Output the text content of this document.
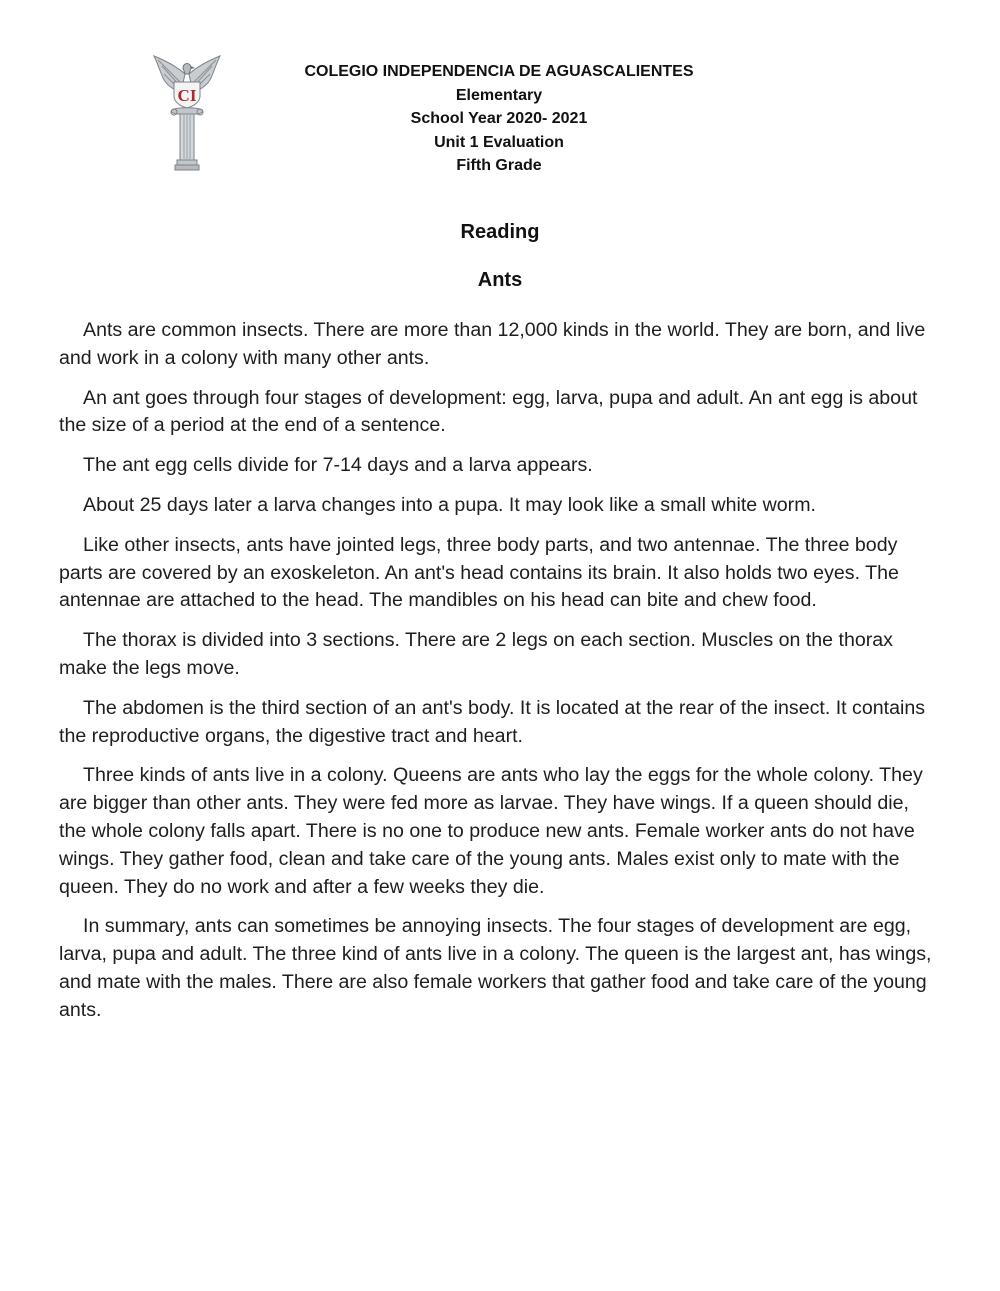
CI
COLEGIO INDEPENDENCIA DE AGUASCALIENTES
Elementary
School Year 2020- 2021
Unit 1 Evaluation
Fifth Grade
Reading
Ants

Ants are common insects. There are more than 12,000 kinds in the world. They are born, and live and work in a colony with many other ants.

An ant goes through four stages of development: egg, larva, pupa and adult. An ant egg is about the size of a period at the end of a sentence.

The ant egg cells divide for 7-14 days and a larva appears.

About 25 days later a larva changes into a pupa. It may look like a small white worm.

Like other insects, ants have jointed legs, three body parts, and two antennae. The three body parts are covered by an exoskeleton. An ant's head contains its brain. It also holds two eyes. The antennae are attached to the head. The mandibles on his head can bite and chew food.

The thorax is divided into 3 sections. There are 2 legs on each section. Muscles on the thorax make the legs move.

The abdomen is the third section of an ant's body. It is located at the rear of the insect. It contains the reproductive organs, the digestive tract and heart.

Three kinds of ants live in a colony. Queens are ants who lay the eggs for the whole colony. They are bigger than other ants. They were fed more as larvae. They have wings. If a queen should die, the whole colony falls apart. There is no one to produce new ants. Female worker ants do not have wings. They gather food, clean and take care of the young ants. Males exist only to mate with the queen. They do no work and after a few weeks they die.

In summary, ants can sometimes be annoying insects. The four stages of development are egg, larva, pupa and adult. The three kind of ants live in a colony. The queen is the largest ant, has wings, and mate with the males. There are also female workers that gather food and take care of the young ants.
